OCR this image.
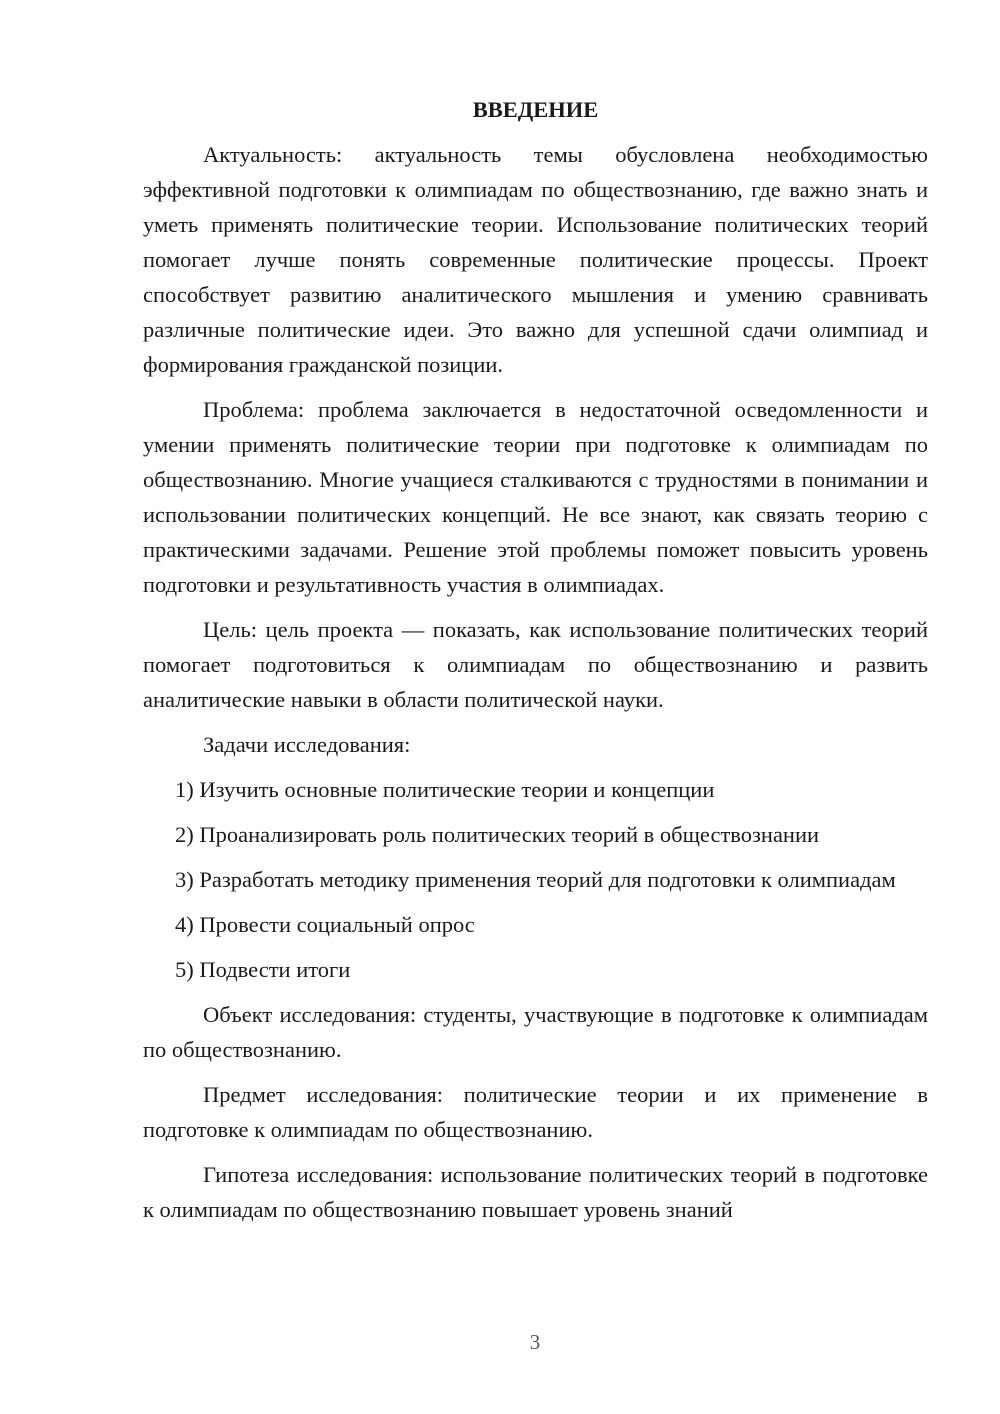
ВВЕДЕНИЕ

Актуальность: актуальность темы обусловлена необходимостью эффективной подготовки к олимпиадам по обществознанию, где важно знать и уметь применять политические теории. Использование политических теорий помогает лучше понять современные политические процессы. Проект способствует развитию аналитического мышления и умению сравнивать различные политические идеи. Это важно для успешной сдачи олимпиад и формирования гражданской позиции.

Проблема: проблема заключается в недостаточной осведомленности и умении применять политические теории при подготовке к олимпиадам по обществознанию. Многие учащиеся сталкиваются с трудностями в понимании и использовании политических концепций. Не все знают, как связать теорию с практическими задачами. Решение этой проблемы поможет повысить уровень подготовки и результативность участия в олимпиадах.

Цель: цель проекта — показать, как использование политических теорий помогает подготовиться к олимпиадам по обществознанию и развить аналитические навыки в области политической науки.

Задачи исследования:

1) Изучить основные политические теории и концепции

2) Проанализировать роль политических теорий в обществознании

3) Разработать методику применения теорий для подготовки к олимпиадам

4) Провести социальный опрос

5) Подвести итоги

Объект исследования: студенты, участвующие в подготовке к олимпиадам по обществознанию.

Предмет исследования: политические теории и их применение в подготовке к олимпиадам по обществознанию.

Гипотеза исследования: использование политических теорий в подготовке к олимпиадам по обществознанию повышает уровень знаний

3
